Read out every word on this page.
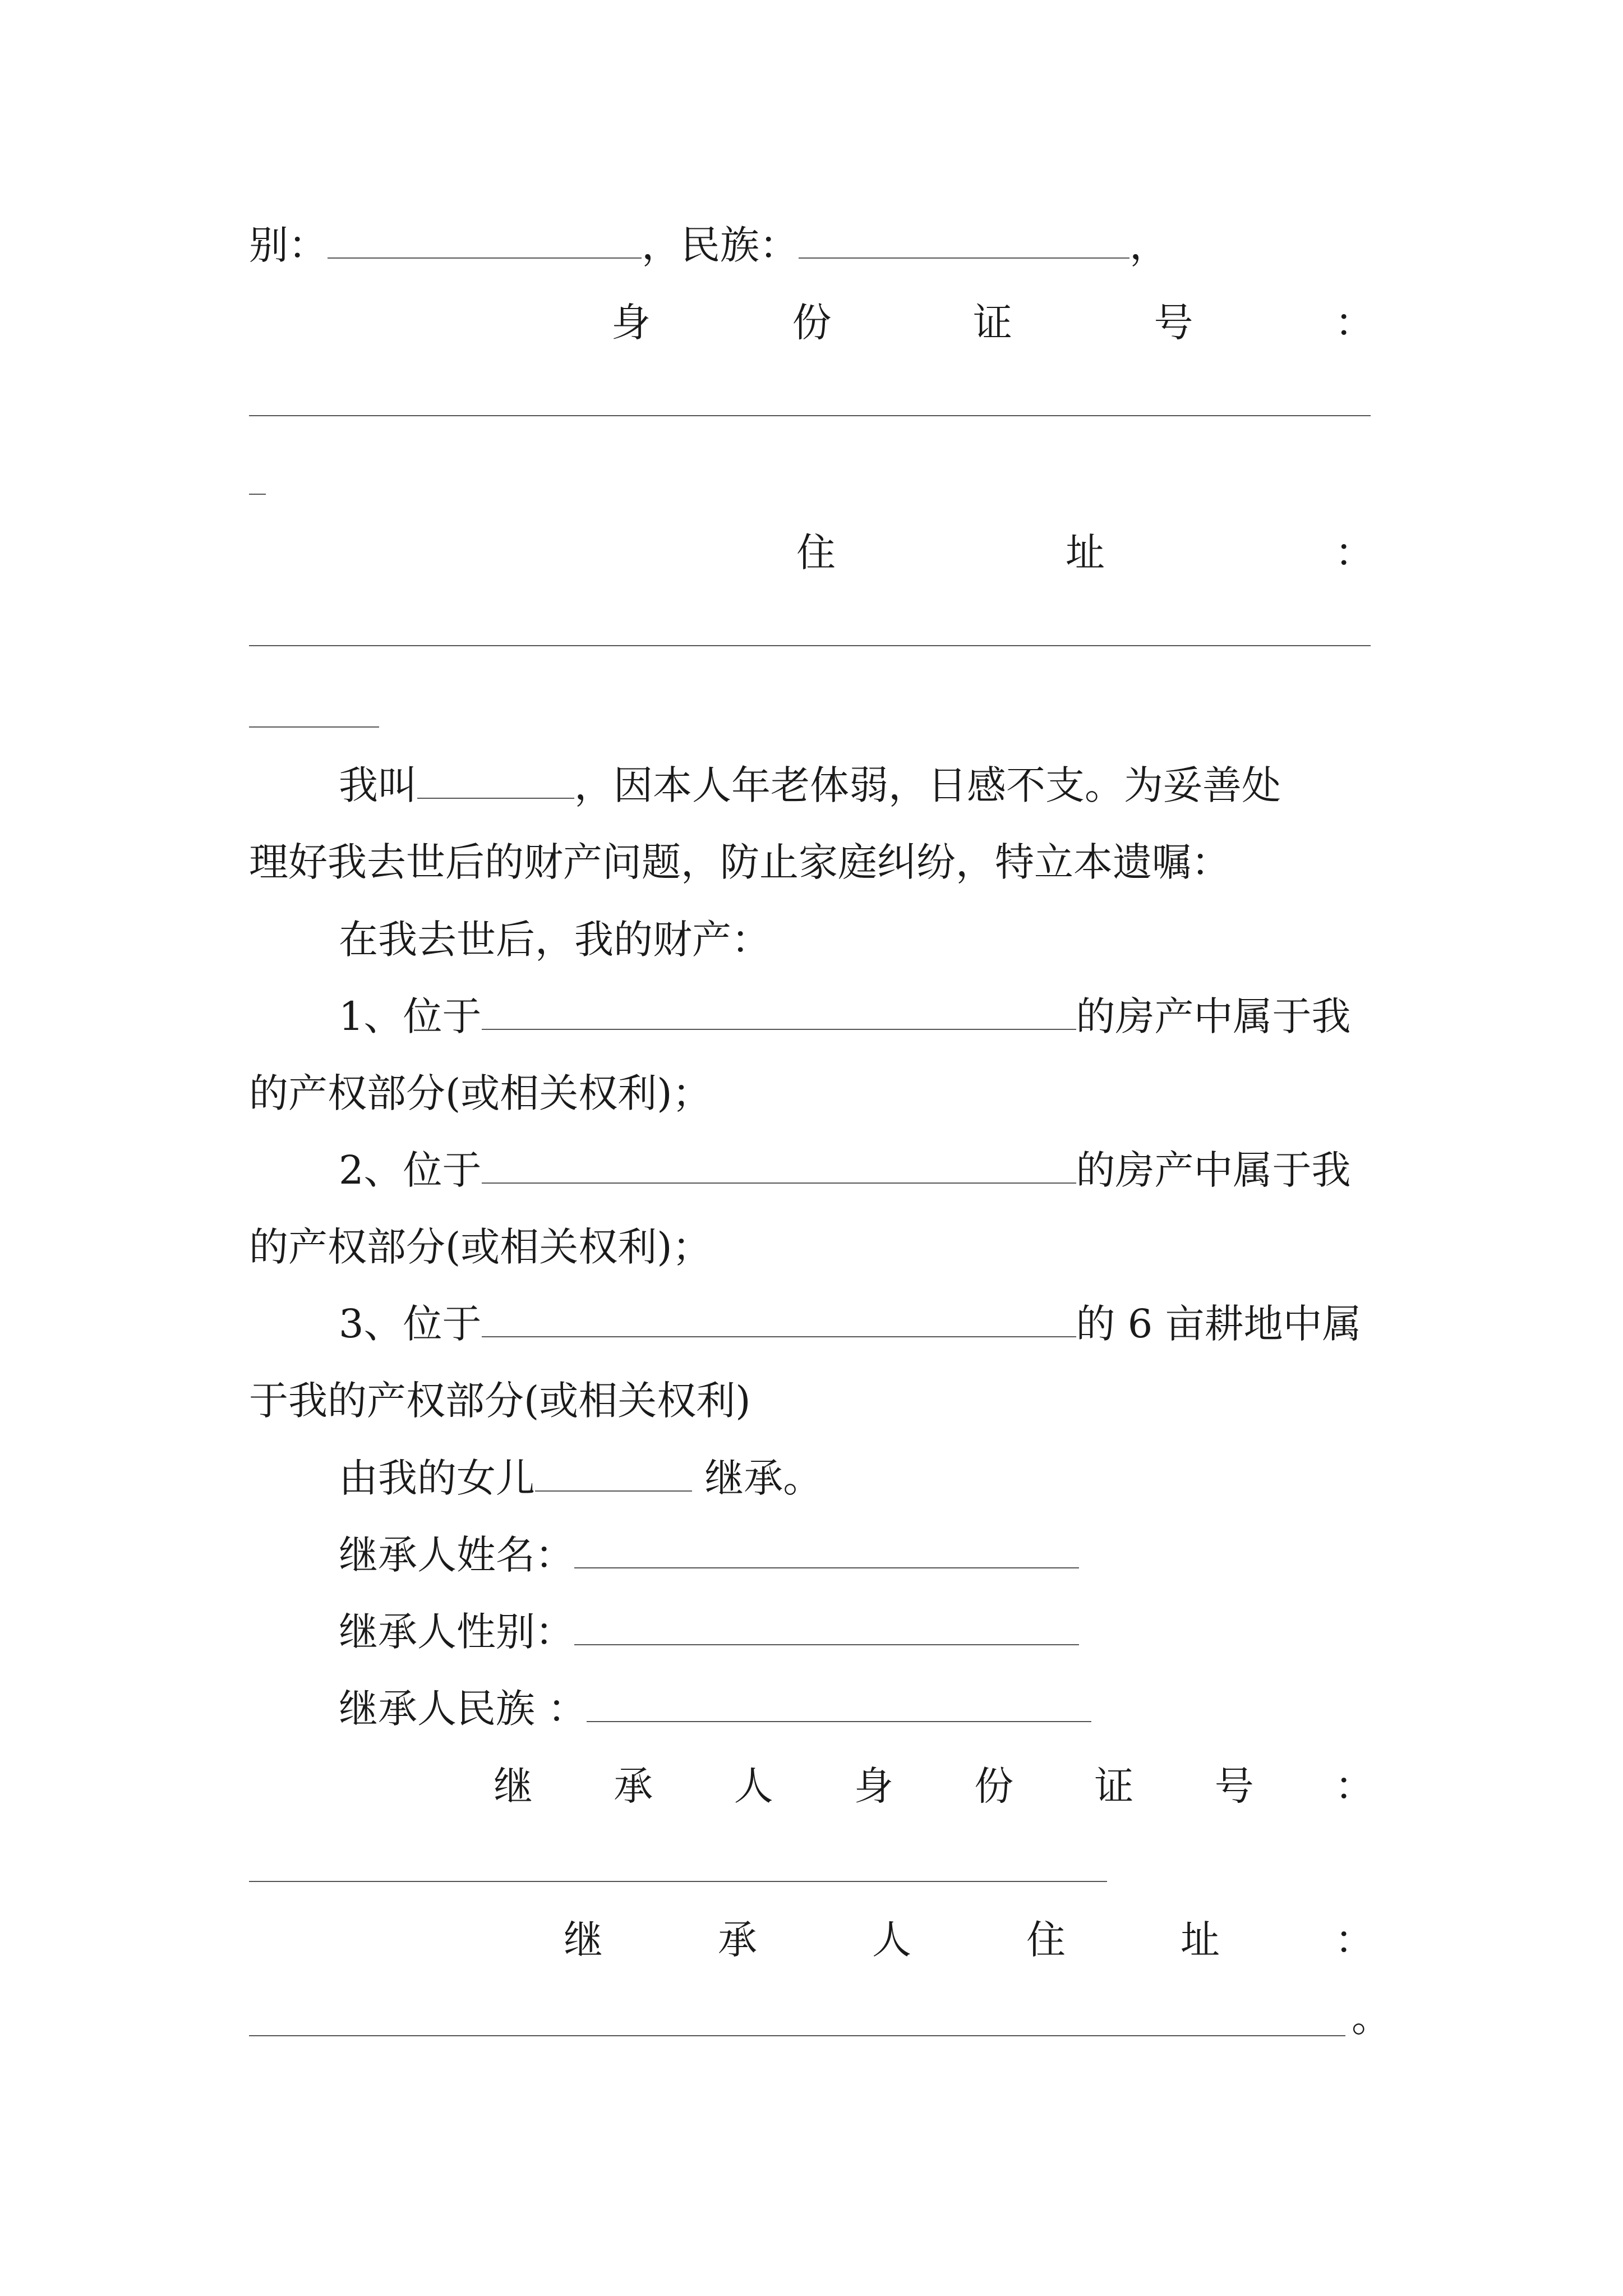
别：	，民族：	，
身	份	证	号	：
住	址	：
我叫	，因本人年老体弱，日感不支。为妥善处
理好我去世后的财产问题，防止家庭纠纷，特立本遗嘱：
在我去世后，我的财产：
1、位于	的房产中属于我
的产权部分(或相关权利)；
2、位于	的房产中属于我
的产权部分(或相关权利)；
3、位于	的 6 亩耕地中属
于我的产权部分(或相关权利)
由我的女儿	继承。
继承人姓名：
继承人性别：
继承人民族 ：
继 承 人 身 份 证 号 ：
继	承	人	住	址	：
。
